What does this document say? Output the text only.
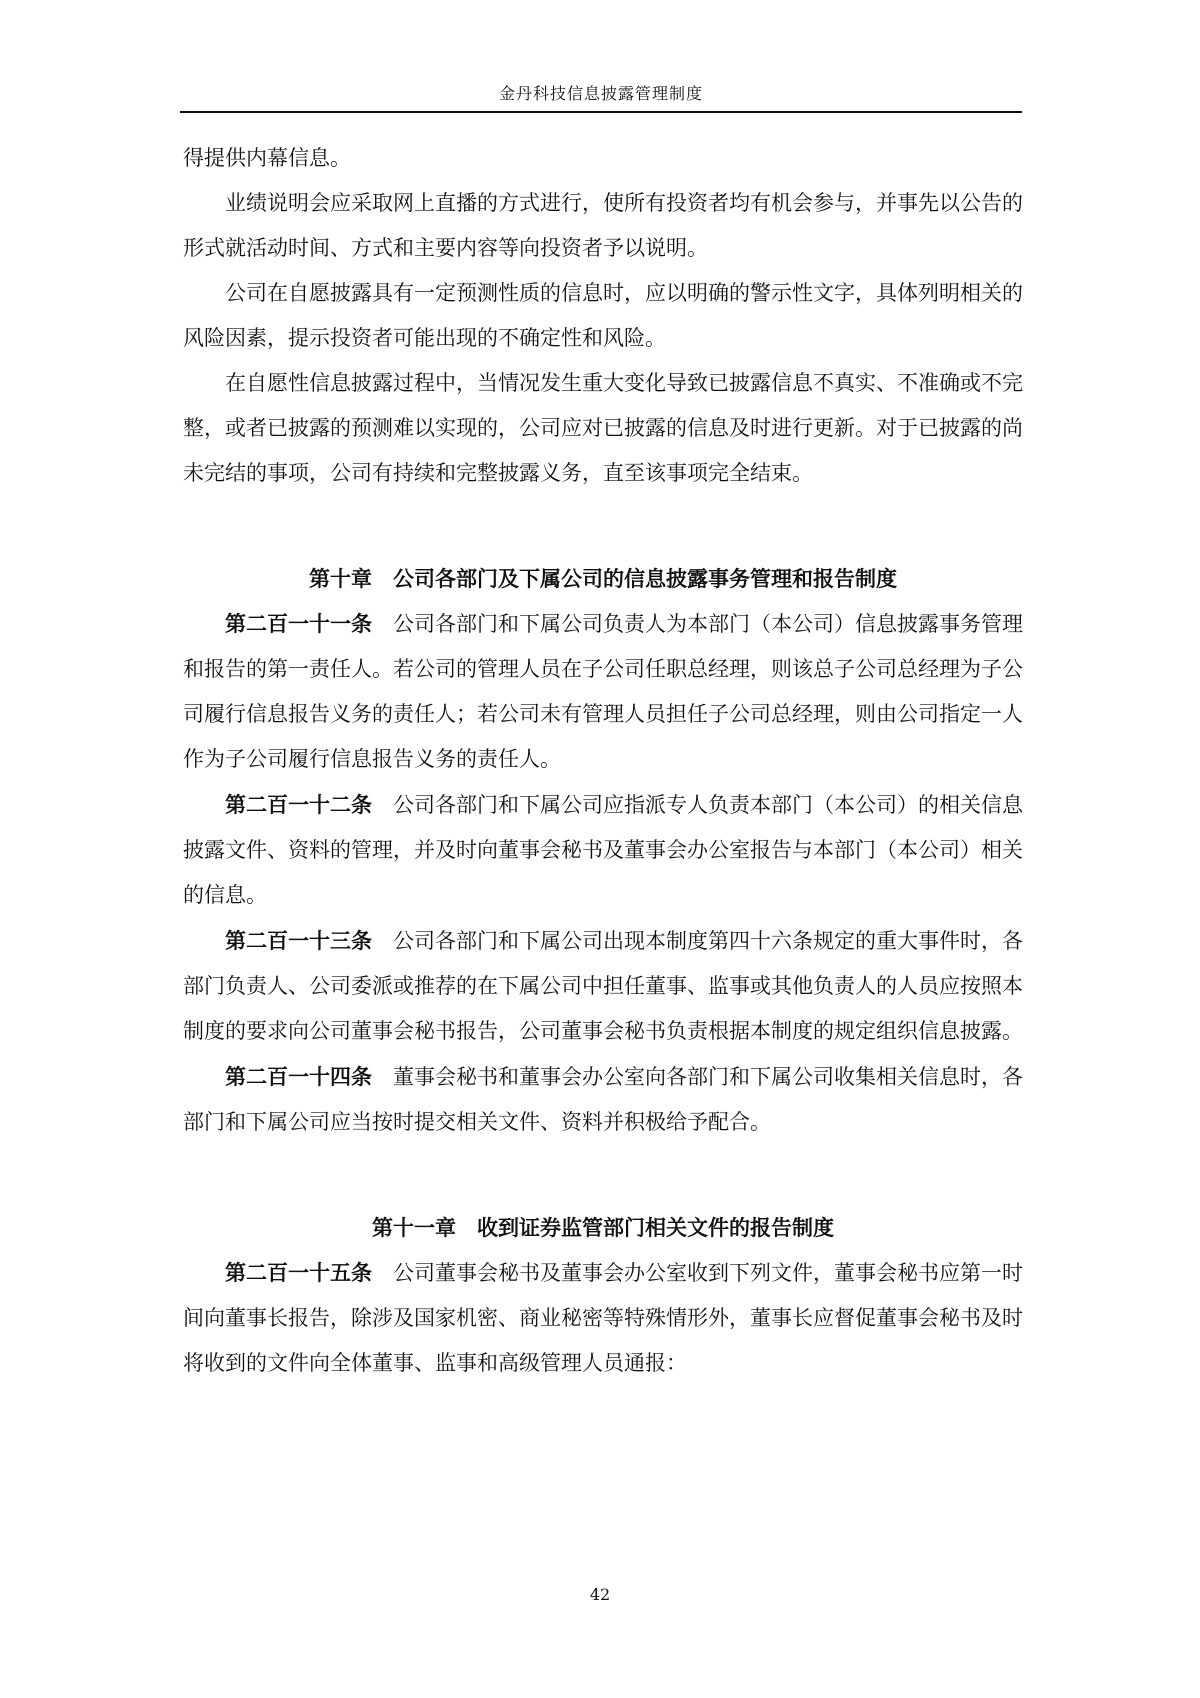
金丹科技信息披露管理制度

得提供内幕信息。

业绩说明会应采取网上直播的方式进行，使所有投资者均有机会参与，并事先以公告的形式就活动时间、方式和主要内容等向投资者予以说明。

公司在自愿披露具有一定预测性质的信息时，应以明确的警示性文字，具体列明相关的风险因素，提示投资者可能出现的不确定性和风险。

在自愿性信息披露过程中，当情况发生重大变化导致已披露信息不真实、不准确或不完整，或者已披露的预测难以实现的，公司应对已披露的信息及时进行更新。对于已披露的尚未完结的事项，公司有持续和完整披露义务，直至该事项完全结束。

第十章　公司各部门及下属公司的信息披露事务管理和报告制度

第二百一十一条　 公司各部门和下属公司负责人为本部门（本公司）信息披露事务管理和报告的第一责任人。若公司的管理人员在子公司任职总经理，则该总子公司总经理为子公司履行信息报告义务的责任人；若公司未有管理人员担任子公司总经理，则由公司指定一人作为子公司履行信息报告义务的责任人。

第二百一十二条　 公司各部门和下属公司应指派专人负责本部门（本公司）的相关信息披露文件、资料的管理，并及时向董事会秘书及董事会办公室报告与本部门（本公司）相关的信息。

第二百一十三条　 公司各部门和下属公司出现本制度第四十六条规定的重大事件时，各部门负责人、公司委派或推荐的在下属公司中担任董事、监事或其他负责人的人员应按照本制度的要求向公司董事会秘书报告，公司董事会秘书负责根据本制度的规定组织信息披露。

第二百一十四条　 董事会秘书和董事会办公室向各部门和下属公司收集相关信息时，各部门和下属公司应当按时提交相关文件、资料并积极给予配合。

第十一章　收到证券监管部门相关文件的报告制度

第二百一十五条　 公司董事会秘书及董事会办公室收到下列文件，董事会秘书应第一时间向董事长报告，除涉及国家机密、商业秘密等特殊情形外，董事长应督促董事会秘书及时将收到的文件向全体董事、监事和高级管理人员通报：

42
